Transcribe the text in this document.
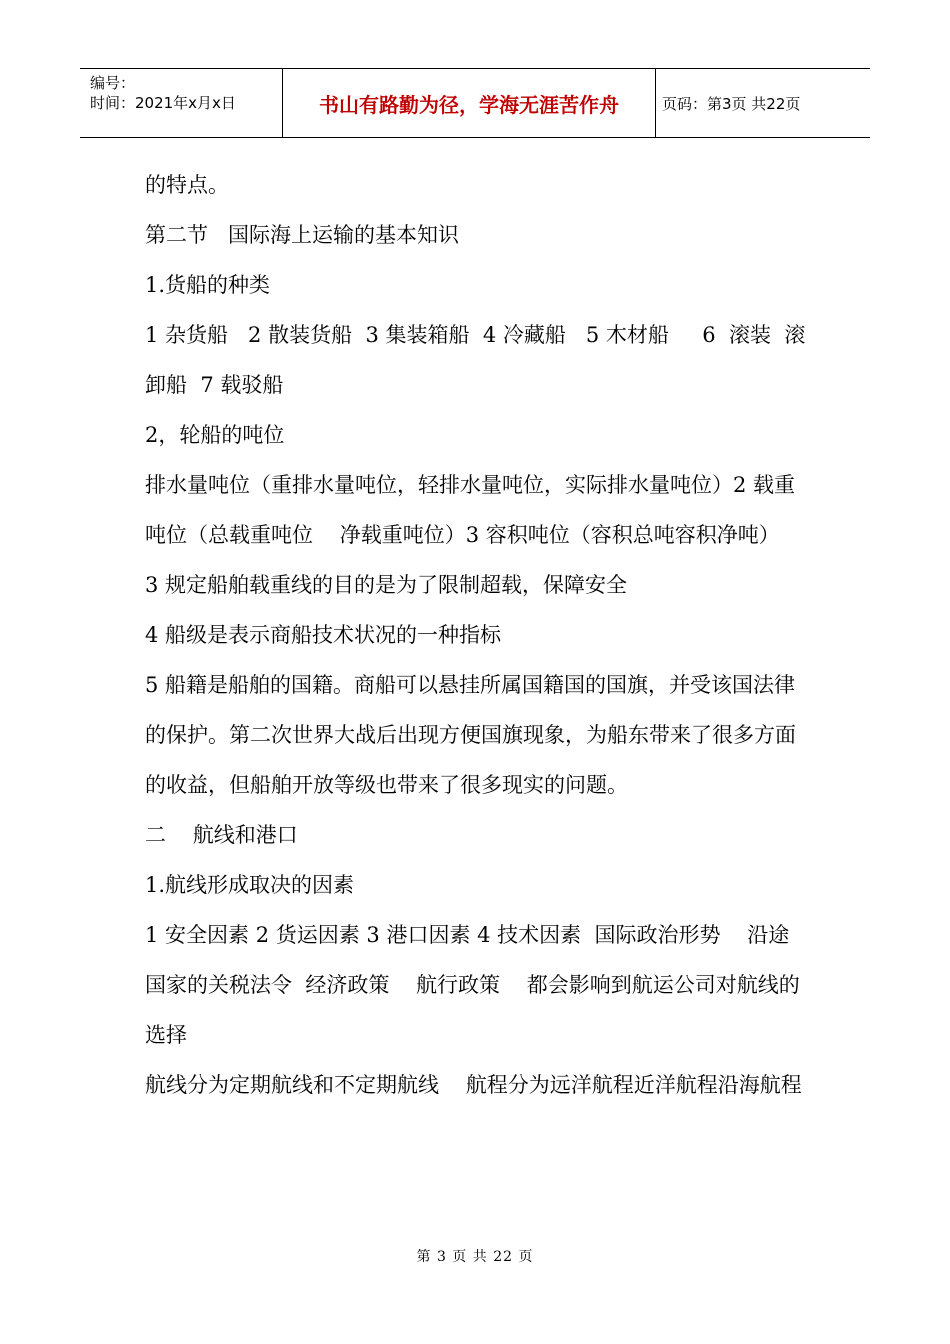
编号：
时间：2021年x月x日	书山有路勤为径，学海无涯苦作舟	页码：第3页 共22页

的特点。

第二节   国际海上运输的基本知识

1.货船的种类

1 杂货船   2 散装货船  3 集装箱船  4 冷藏船   5 木材船     6  滚装  滚卸船  7 载驳船

2，轮船的吨位

排水量吨位（重排水量吨位，轻排水量吨位，实际排水量吨位）2 载重吨位（总载重吨位    净载重吨位）3 容积吨位（容积总吨容积净吨）

3 规定船舶载重线的目的是为了限制超载，保障安全

4 船级是表示商船技术状况的一种指标

5 船籍是船舶的国籍。商船可以悬挂所属国籍国的国旗，并受该国法律的保护。第二次世界大战后出现方便国旗现象，为船东带来了很多方面的收益，但船舶开放等级也带来了很多现实的问题。

二    航线和港口

1.航线形成取决的因素

1 安全因素 2 货运因素 3 港口因素 4 技术因素  国际政治形势    沿途国家的关税法令  经济政策    航行政策    都会影响到航运公司对航线的选择

航线分为定期航线和不定期航线    航程分为远洋航程近洋航程沿海航程

第 3 页 共 22 页
